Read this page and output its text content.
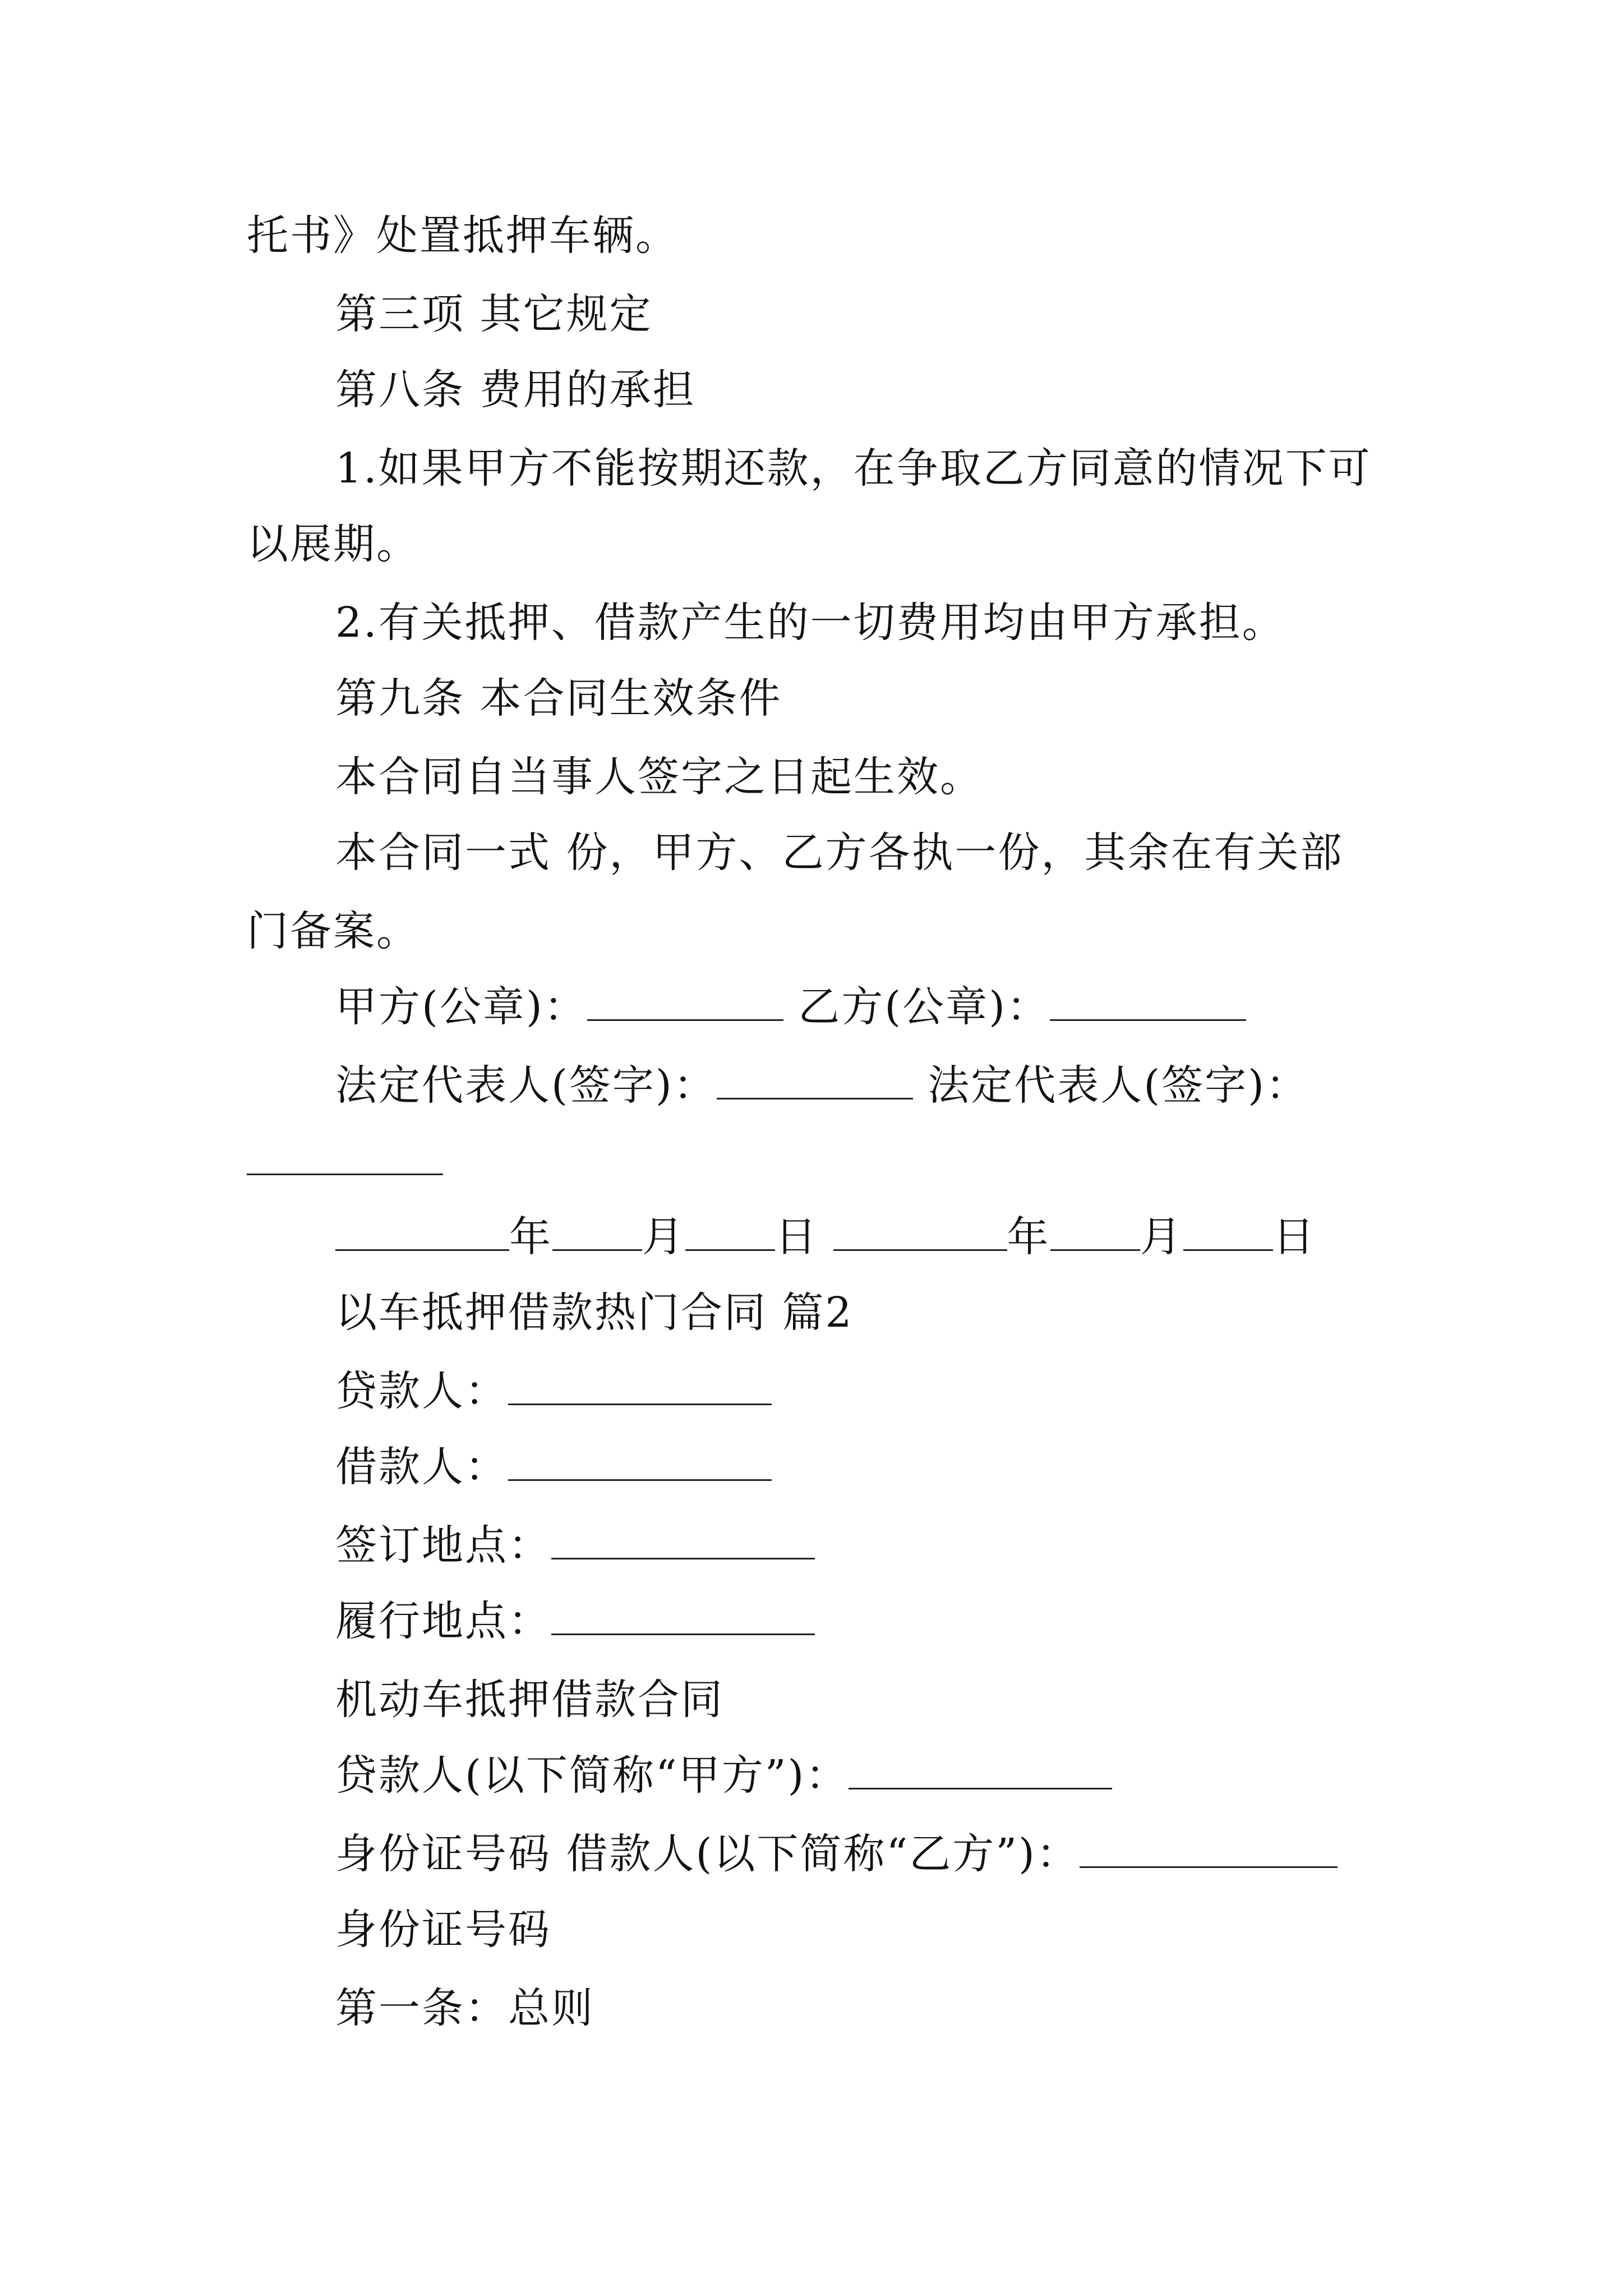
托书》处置抵押车辆。
第三项 其它规定
第八条 费用的承担
1.如果甲方不能按期还款，在争取乙方同意的情况下可
以展期。
2.有关抵押、借款产生的一切费用均由甲方承担。
第九条 本合同生效条件
本合同自当事人签字之日起生效。
本合同一式 份，甲方、乙方各执一份，其余在有关部
门备案。
甲方(公章)：	乙方(公章)：
法定代表人(签字)：	法定代表人(签字)：
年 月 日	年 月 日
以车抵押借款热门合同 篇2
贷款人：
借款人：
签订地点：
履行地点：
机动车抵押借款合同
贷款人(以下简称“甲方”)：
身份证号码 借款人(以下简称“乙方”)：
身份证号码
第一条：总则
